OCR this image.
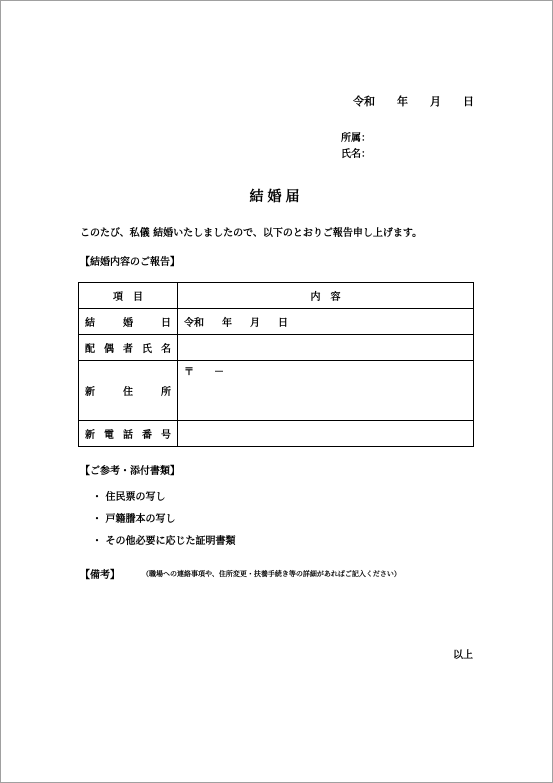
令和 年 月 日
所属：
氏名：
結婚届
このたび、私儀 結婚いたしましたので、以下のとおりご報告申し上げます。
【結婚内容のご報告】
項　目	内　容

結 婚 日	令和 年 月 日

配 偶 者 氏 名	

新 住 所	〒 －

新 電 話 番 号	

【ご参考・添付書類】
・ 住民票の写し
・ 戸籍謄本の写し
・ その他必要に応じた証明書類
【備考】	（職場への連絡事項や、住所変更・扶養手続き等の詳細があればご記入ください）
以上
